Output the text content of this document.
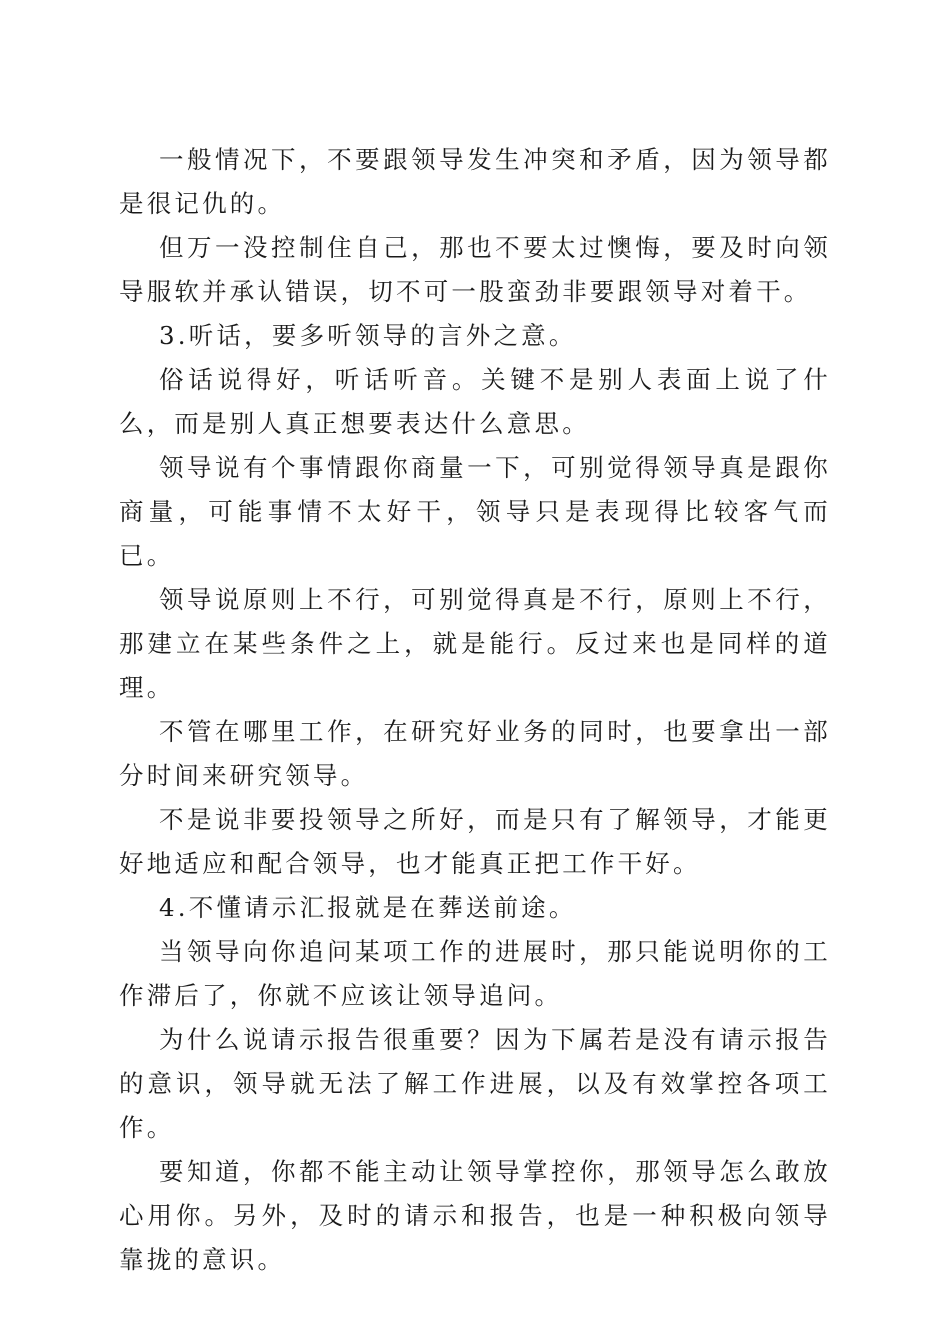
一般情况下，不要跟领导发生冲突和矛盾，因为领导都是很记仇的。

但万一没控制住自己，那也不要太过懊悔，要及时向领导服软并承认错误，切不可一股蛮劲非要跟领导对着干。

3.听话，要多听领导的言外之意。

俗话说得好，听话听音。关键不是别人表面上说了什么，而是别人真正想要表达什么意思。

领导说有个事情跟你商量一下，可别觉得领导真是跟你商量，可能事情不太好干，领导只是表现得比较客气而已。

领导说原则上不行，可别觉得真是不行，原则上不行，那建立在某些条件之上，就是能行。反过来也是同样的道理。

不管在哪里工作，在研究好业务的同时，也要拿出一部分时间来研究领导。

不是说非要投领导之所好，而是只有了解领导，才能更好地适应和配合领导，也才能真正把工作干好。

4.不懂请示汇报就是在葬送前途。

当领导向你追问某项工作的进展时，那只能说明你的工作滞后了，你就不应该让领导追问。

为什么说请示报告很重要？因为下属若是没有请示报告的意识，领导就无法了解工作进展，以及有效掌控各项工作。

要知道，你都不能主动让领导掌控你，那领导怎么敢放心用你。另外，及时的请示和报告，也是一种积极向领导靠拢的意识。
